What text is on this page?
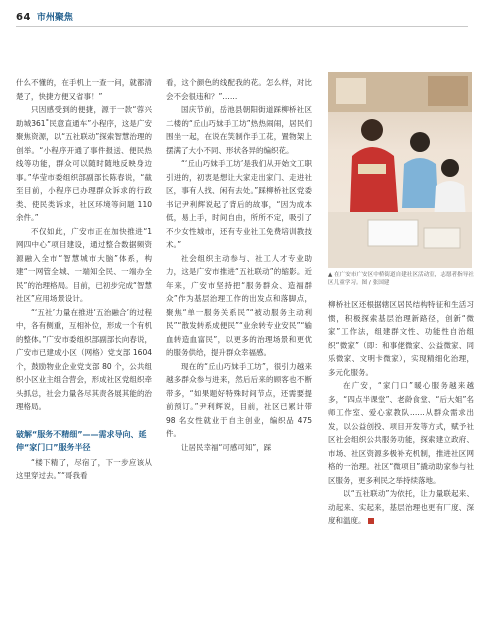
64 市州聚焦
▲ 在广安市广安区中桥街道自建社区活动室，志愿者指导社区儿童学习。图 / 张国建

什么不懂的，在手机上一查一问，就都清楚了，快捷方便又省事！”

只因感受到的便捷，源于一款“蓉兴助城361˚民意直通车”小程序，这是广安聚焦资源，以“五社联动”探索智慧治理的创举。“小程序开通了事件报送、便民热线等功能，群众可以随时随地反映身边事。”华莹市委组织部副部长陈春说，“截至目前，小程序已办理群众诉求的行政类、使民类诉求，社区环境等问题 110 余件。”

不仅如此，广安市正在加快推进“1 网四中心”项目建设，通过整合数据频资源融入全市“智慧城市大脑”体系，构建“一网管全城、一端知全民、一端办全民”的治理格局。目前，已初步完成“智慧社区”应用场景设计。

“‘五社’力量在推进‘五治融合’的过程中，各有侧重，互相补位，形成一个有机的整体。”广安市委组织部副部长向春说，广安市已建成小区（网格）党支部 1604 个，鼓励物业企业党支部 80 个，公共组织小区业主组合营会，形成社区党组织牵头抓总，社会力量各尽其责各展其能的治理格局。

破解“服务不精细”——需求导向、延伸“家门口”服务半径

“楼下精了，尽宿了，下一步应该从这里穿过去。”“哥我看

看，这个颜色的线配我的花。怎么样，对比会不会很违和？”……

国庆节前，岳池县朝阳街道踩柳桥社区二楼的“丘山巧妹手工坊”热热闹闹，居民们围坐一起，在说在笑制作手工花，置物架上摆满了大小不同、形状各异的编织花。

“‘丘山巧妹手工坊’是我们从开始文工职引进的，初衷是想让大家走出家门、走进社区，事有人找、闲有去处。”踩柳桥社区党委书记尹利辉说起了背后的故事，“因为成本低，易上手，时间自由，所所不定，吸引了不少女性城市，还有专业社工免费培训教技术。”

社会组织主动参与、社工人才专业助力，这是广安市推进“五社联动”的缩影。近年来，广安市坚持把“服务群众、造福群众”作为基层治理工作的出发点和落脚点，聚焦“单一服务关系民”“被动服务主动利民”“散发转系成便民”“业余转专业安民”“输血转造血富民”，以更多的治理场景和更优的服务供给，提升群众幸福感。

现在的“丘山巧妹手工坊”，很引力越来越多群众参与进来，然后后来的顾客也不断带多，“如果题好特殊时间节点，还需要提前预订。”尹利辉说，目前，社区已累计带 98 名女性就业于自主创业，编织品 475 件。

让居民幸福“可感可知”，踩

柳桥社区还根据辖区居民结构特征和生活习惯，积极探索基层治理新路径，创新“微家”工作法，组建群文性、功能性自治组织“微家”（即：和事佬微家、公益微家、同乐微家、文明卡微家），实现精细化治理，多元化服务。

在广安，“家门口”暖心服务越来越多，“四点半课堂”、老龄食堂、“后大姐”名师工作室、爱心家教队……从群众需求出发，以公益创投、项目开发等方式，赋予社区社会组织公共服务功能，探索建立政府、市场、社区资源多极补充机制，推进社区网格的一治理。社区“微项目”撬动助家参与社区服务，更多利民之举持续落地。

以“五社联动”为依托，让力量联起来、动起来、实起来，基层治理也更有厂度、深度和温度。
